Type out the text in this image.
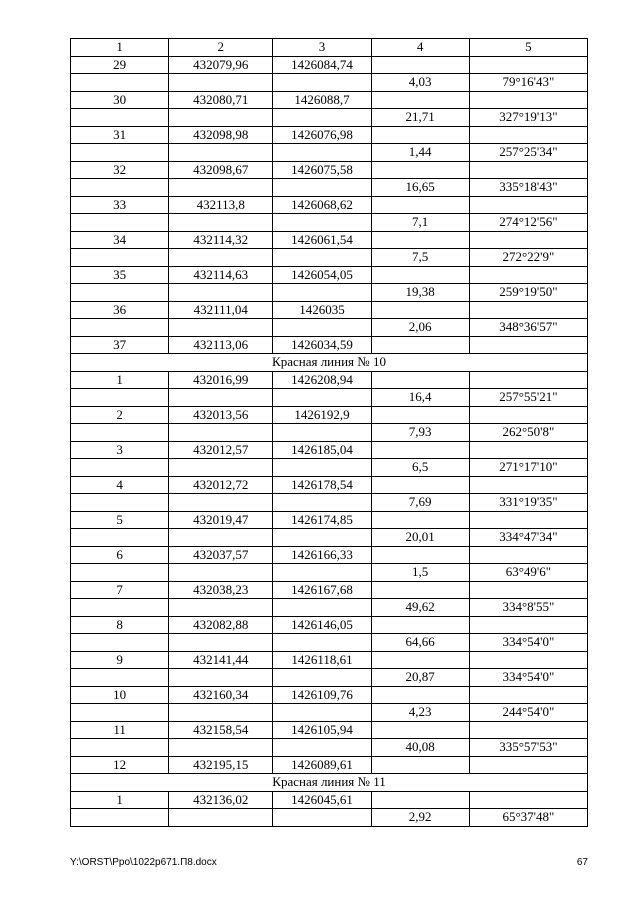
1	2	3	4	5
29	432079,96	1426084,74		
			4,03	79°16'43"
30	432080,71	1426088,7		
			21,71	327°19'13"
31	432098,98	1426076,98		
			1,44	257°25'34"
32	432098,67	1426075,58		
			16,65	335°18'43"
33	432113,8	1426068,62		
			7,1	274°12'56"
34	432114,32	1426061,54		
			7,5	272°22'9"
35	432114,63	1426054,05		
			19,38	259°19'50"
36	432111,04	1426035		
			2,06	348°36'57"
37	432113,06	1426034,59		
Красная линия № 10				
1	432016,99	1426208,94		
			16,4	257°55'21"
2	432013,56	1426192,9		
			7,93	262°50'8"
3	432012,57	1426185,04		
			6,5	271°17'10"
4	432012,72	1426178,54		
			7,69	331°19'35"
5	432019,47	1426174,85		
			20,01	334°47'34"
6	432037,57	1426166,33		
			1,5	63°49'6"
7	432038,23	1426167,68		
			49,62	334°8'55"
8	432082,88	1426146,05		
			64,66	334°54'0"
9	432141,44	1426118,61		
			20,87	334°54'0"
10	432160,34	1426109,76		
			4,23	244°54'0"
11	432158,54	1426105,94		
			40,08	335°57'53"
12	432195,15	1426089,61		
Красная линия № 11				
1	432136,02	1426045,61		
			2,92	65°37'48"
Y:\ORST\Ppo\1022p671.П8.docx	67
